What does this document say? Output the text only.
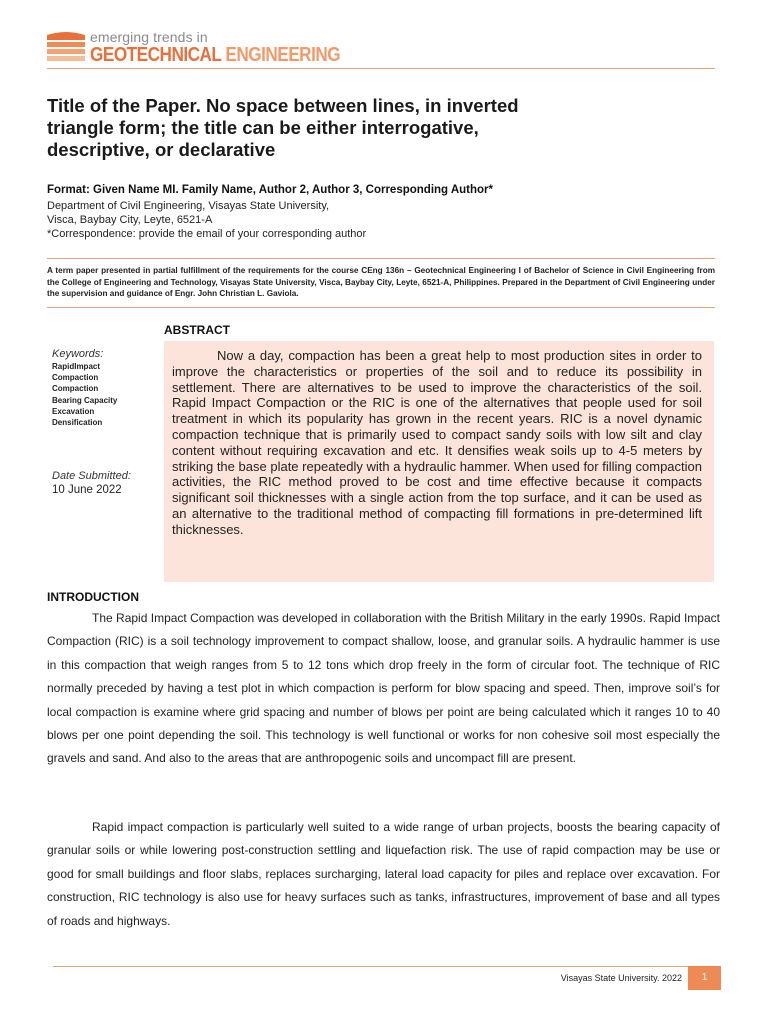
emerging trends in
GEOTECHNICAL ENGINEERING
Title of the Paper. No space between lines, in inverted triangle form; the title can be either interrogative, descriptive, or declarative
Format: Given Name MI. Family Name, Author 2, Author 3, Corresponding Author*
Department of Civil Engineering, Visayas State University,
Visca, Baybay City, Leyte, 6521-A
*Correspondence: provide the email of your corresponding author
A term paper presented in partial fulfillment of the requirements for the course CEng 136n – Geotechnical Engineering I of Bachelor of Science in Civil Engineering from the College of Engineering and Technology, Visayas State University, Visca, Baybay City, Leyte, 6521-A, Philippines. Prepared in the Department of Civil Engineering under the supervision and guidance of Engr. John Christian L. Gaviola.
ABSTRACT
Keywords:
RapidImpact
Compaction
Compaction
Bearing Capacity
Excavation
Densification
Date Submitted:
10 June 2022
Now a day, compaction has been a great help to most production sites in order to improve the characteristics or properties of the soil and to reduce its possibility in settlement. There are alternatives to be used to improve the characteristics of the soil. Rapid Impact Compaction or the RIC is one of the alternatives that people used for soil treatment in which its popularity has grown in the recent years. RIC is a novel dynamic compaction technique that is primarily used to compact sandy soils with low silt and clay content without requiring excavation and etc. It densifies weak soils up to 4-5 meters by striking the base plate repeatedly with a hydraulic hammer. When used for filling compaction activities, the RIC method proved to be cost and time effective because it compacts significant soil thicknesses with a single action from the top surface, and it can be used as an alternative to the traditional method of compacting fill formations in pre-determined lift thicknesses.
INTRODUCTION
The Rapid Impact Compaction was developed in collaboration with the British Military in the early 1990s. Rapid Impact Compaction (RIC) is a soil technology improvement to compact shallow, loose, and granular soils. A hydraulic hammer is use in this compaction that weigh ranges from 5 to 12 tons which drop freely in the form of circular foot. The technique of RIC normally preceded by having a test plot in which compaction is perform for blow spacing and speed. Then, improve soil’s for local compaction is examine where grid spacing and number of blows per point are being calculated which it ranges 10 to 40 blows per one point depending the soil. This technology is well functional or works for non cohesive soil most especially the gravels and sand. And also to the areas that are anthropogenic soils and uncompact fill are present.
Rapid impact compaction is particularly well suited to a wide range of urban projects, boosts the bearing capacity of granular soils or while lowering post-construction settling and liquefaction risk. The use of rapid compaction may be use or good for small buildings and floor slabs, replaces surcharging, lateral load capacity for piles and replace over excavation. For construction, RIC technology is also use for heavy surfaces such as tanks, infrastructures, improvement of base and all types of roads and highways.
Visayas State University. 2022	1
